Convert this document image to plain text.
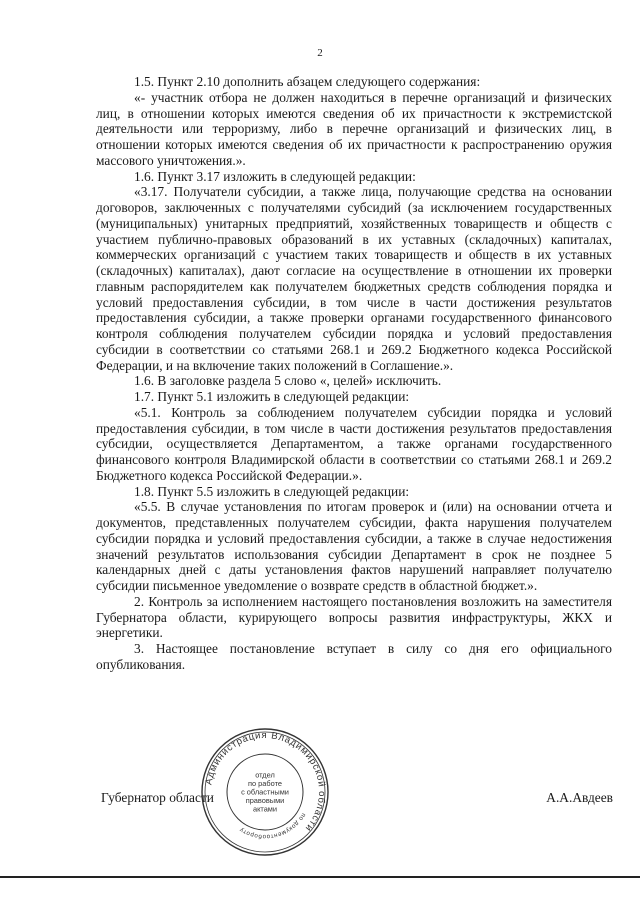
2

1.5. Пункт 2.10 дополнить абзацем следующего содержания:

«- участник отбора не должен находиться в перечне организаций и физических лиц, в отношении которых имеются сведения об их причастности к экстремистской деятельности или терроризму, либо в перечне организаций и физических лиц, в отношении которых имеются сведения об их причастности к распространению оружия массового уничтожения.».

1.6. Пункт 3.17 изложить в следующей редакции:

«3.17. Получатели субсидии, а также лица, получающие средства на основании договоров, заключенных с получателями субсидий (за исключением государственных (муниципальных) унитарных предприятий, хозяйственных товариществ и обществ с участием публично-правовых образований в их уставных (складочных) капиталах, коммерческих организаций с участием таких товариществ и обществ в их уставных (складочных) капиталах), дают согласие на осуществление в отношении их проверки главным распорядителем как получателем бюджетных средств соблюдения порядка и условий предоставления субсидии, в том числе в части достижения результатов предоставления субсидии, а также проверки органами государственного финансового контроля соблюдения получателем субсидии порядка и условий предоставления субсидии в соответствии со статьями 268.1 и 269.2 Бюджетного кодекса Российской Федерации, и на включение таких положений в Соглашение.».

1.6. В заголовке раздела 5 слово «, целей» исключить.

1.7. Пункт 5.1 изложить в следующей редакции:

«5.1. Контроль за соблюдением получателем субсидии порядка и условий предоставления субсидии, в том числе в части достижения результатов предоставления субсидии, осуществляется Департаментом, а также органами государственного финансового контроля Владимирской области в соответствии со статьями 268.1 и 269.2 Бюджетного кодекса Российской Федерации.».

1.8. Пункт 5.5 изложить в следующей редакции:

«5.5. В случае установления по итогам проверок и (или) на основании отчета и документов, представленных получателем субсидии, факта нарушения получателем субсидии порядка и условий предоставления субсидии, а также в случае недостижения значений результатов использования субсидии Департамент в срок не позднее 5 календарных дней с даты установления фактов нарушений направляет получателю субсидии письменное уведомление о возврате средств в областной бюджет.».

2. Контроль за исполнением настоящего постановления возложить на заместителя Губернатора области, курирующего вопросы развития инфраструктуры, ЖКХ и энергетики.

3. Настоящее постановление вступает в силу со дня его официального опубликования.

Губернатор области	А.А.Авдеев
Администрация Владимирской области
по документообороту
отдел
по работе
с областными
правовыми
актами
